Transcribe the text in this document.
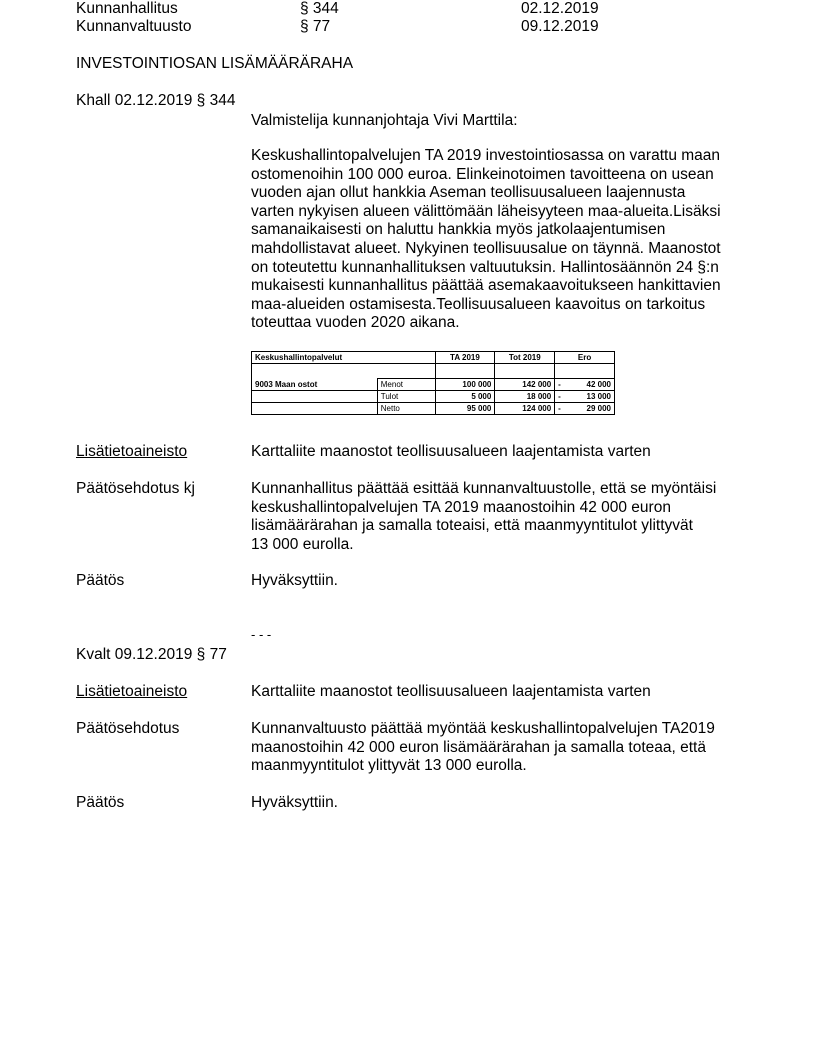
Kunnanhallitus	§ 344	02.12.2019
Kunnanvaltuusto	§ 77	09.12.2019
INVESTOINTIOSAN LISÄMÄÄRÄRAHA
Khall 02.12.2019 § 344
Valmistelija kunnanjohtaja Vivi Marttila:
Keskushallintopalvelujen TA 2019 investointiosassa on varattu maan
ostomenoihin 100 000 euroa. Elinkeinotoimen tavoitteena on usean
vuoden ajan ollut hankkia Aseman teollisuusalueen laajennusta
varten nykyisen alueen välittömään läheisyyteen maa-alueita.Lisäksi
samanaikaisesti on haluttu hankkia myös jatkolaajentumisen
mahdollistavat alueet. Nykyinen teollisuusalue on täynnä. Maanostot
on toteutettu kunnanhallituksen valtuutuksin. Hallintosäännön 24 §:n
mukaisesti kunnanhallitus päättää asemakaavoitukseen hankittavien
maa-alueiden ostamisesta.Teollisuusalueen kaavoitus on tarkoitus
toteuttaa vuoden 2020 aikana.
Keskushallintopalvelut		TA 2019	Tot 2019	Ero

9003 Maan ostot	Menot	100 000	142 000	- 42 000

	Tulot	5 000	18 000	- 13 000

	Netto	95 000	124 000	- 29 000
Lisätietoaineisto	Karttaliite maanostot teollisuusalueen laajentamista varten
Päätösehdotus kj	Kunnanhallitus päättää esittää kunnanvaltuustolle, että se myöntäisi
keskushallintopalvelujen TA 2019 maanostoihin 42 000 euron
lisämäärärahan ja samalla toteaisi, että maanmyyntitulot ylittyvät
13 000 eurolla.
Päätös	Hyväksyttiin.
- - -
Kvalt 09.12.2019 § 77
Lisätietoaineisto	Karttaliite maanostot teollisuusalueen laajentamista varten
Päätösehdotus	Kunnanvaltuusto päättää myöntää keskushallintopalvelujen TA2019
maanostoihin 42 000 euron lisämäärärahan ja samalla toteaa, että
maanmyyntitulot ylittyvät 13 000 eurolla.
Päätös	Hyväksyttiin.
